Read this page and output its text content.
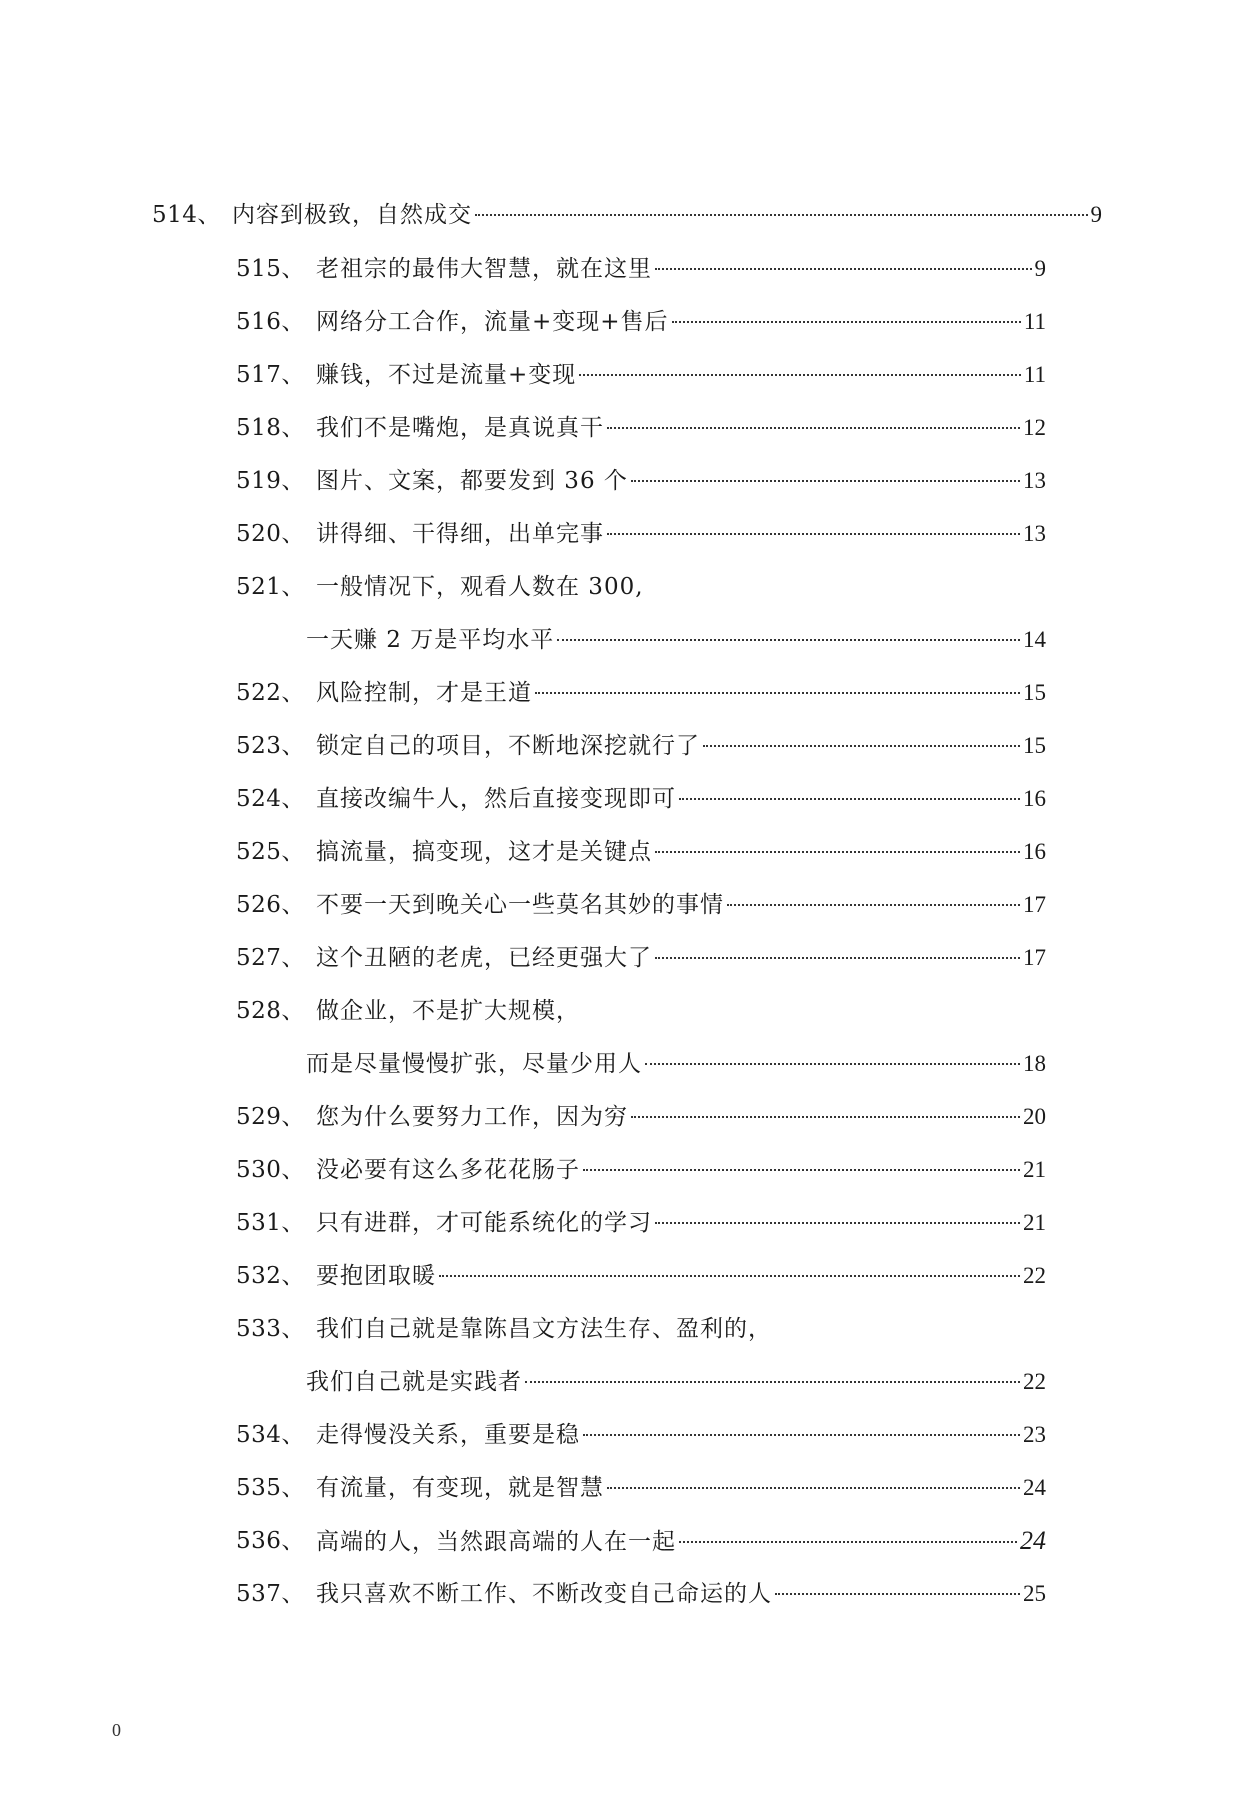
514、 内容到极致，自然成交	9
515、 老祖宗的最伟大智慧，就在这里	9
516、 网络分工合作，流量+变现+售后	11
517、 赚钱，不过是流量+变现	11
518、 我们不是嘴炮，是真说真干	12
519、 图片、文案，都要发到 36 个	13
520、 讲得细、干得细，出单完事	13
521、 一般情况下，观看人数在 300,
一天赚 2 万是平均水平	14
522、 风险控制，才是王道	15
523、 锁定自己的项目，不断地深挖就行了	15
524、 直接改编牛人，然后直接变现即可	16
525、 搞流量，搞变现，这才是关键点	16
526、 不要一天到晚关心一些莫名其妙的事情	17
527、 这个丑陋的老虎，已经更强大了	17
528、 做企业，不是扩大规模，
而是尽量慢慢扩张，尽量少用人	18
529、 您为什么要努力工作，因为穷	20
530、 没必要有这么多花花肠子	21
531、 只有进群，才可能系统化的学习	21
532、 要抱团取暖	22
533、 我们自己就是靠陈昌文方法生存、盈利的，
我们自己就是实践者	22
534、 走得慢没关系，重要是稳	23
535、 有流量，有变现，就是智慧	24
536、 高端的人，当然跟高端的人在一起	24
537、 我只喜欢不断工作、不断改变自己命运的人	25
0
